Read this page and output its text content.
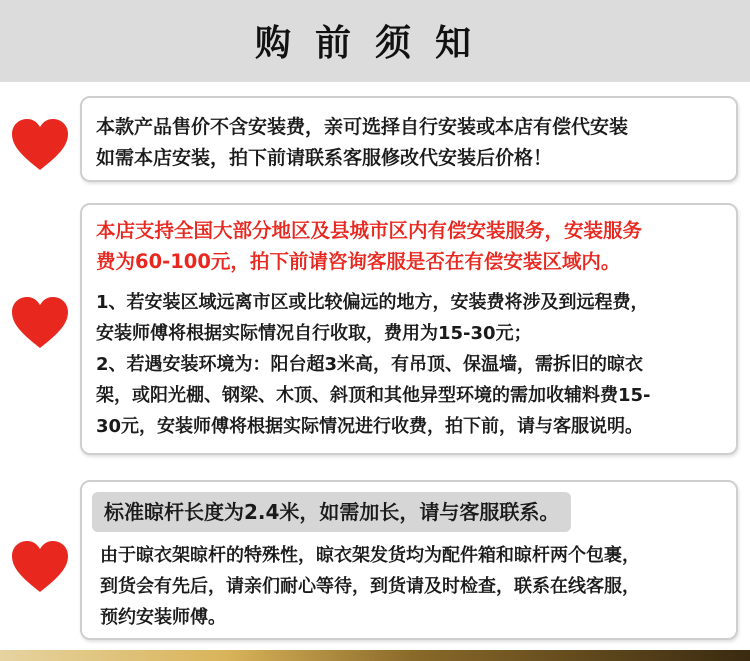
购前须知
本款产品售价不含安装费，亲可选择自行安装或本店有偿代安装
如需本店安装，拍下前请联系客服修改代安装后价格！
本店支持全国大部分地区及县城市区内有偿安装服务，安装服务
费为60-100元，拍下前请咨询客服是否在有偿安装区域内。
1、若安装区域远离市区或比较偏远的地方，安装费将涉及到远程费，
安装师傅将根据实际情况自行收取，费用为15-30元；
2、若遇安装环境为：阳台超3米高，有吊顶、保温墙，需拆旧的晾衣
架，或阳光棚、钢梁、木顶、斜顶和其他异型环境的需加收辅料费15-
30元，安装师傅将根据实际情况进行收费，拍下前，请与客服说明。
标准晾杆长度为2.4米，如需加长，请与客服联系。
由于晾衣架晾杆的特殊性，晾衣架发货均为配件箱和晾杆两个包裹，
到货会有先后，请亲们耐心等待，到货请及时检查，联系在线客服，
预约安装师傅。
